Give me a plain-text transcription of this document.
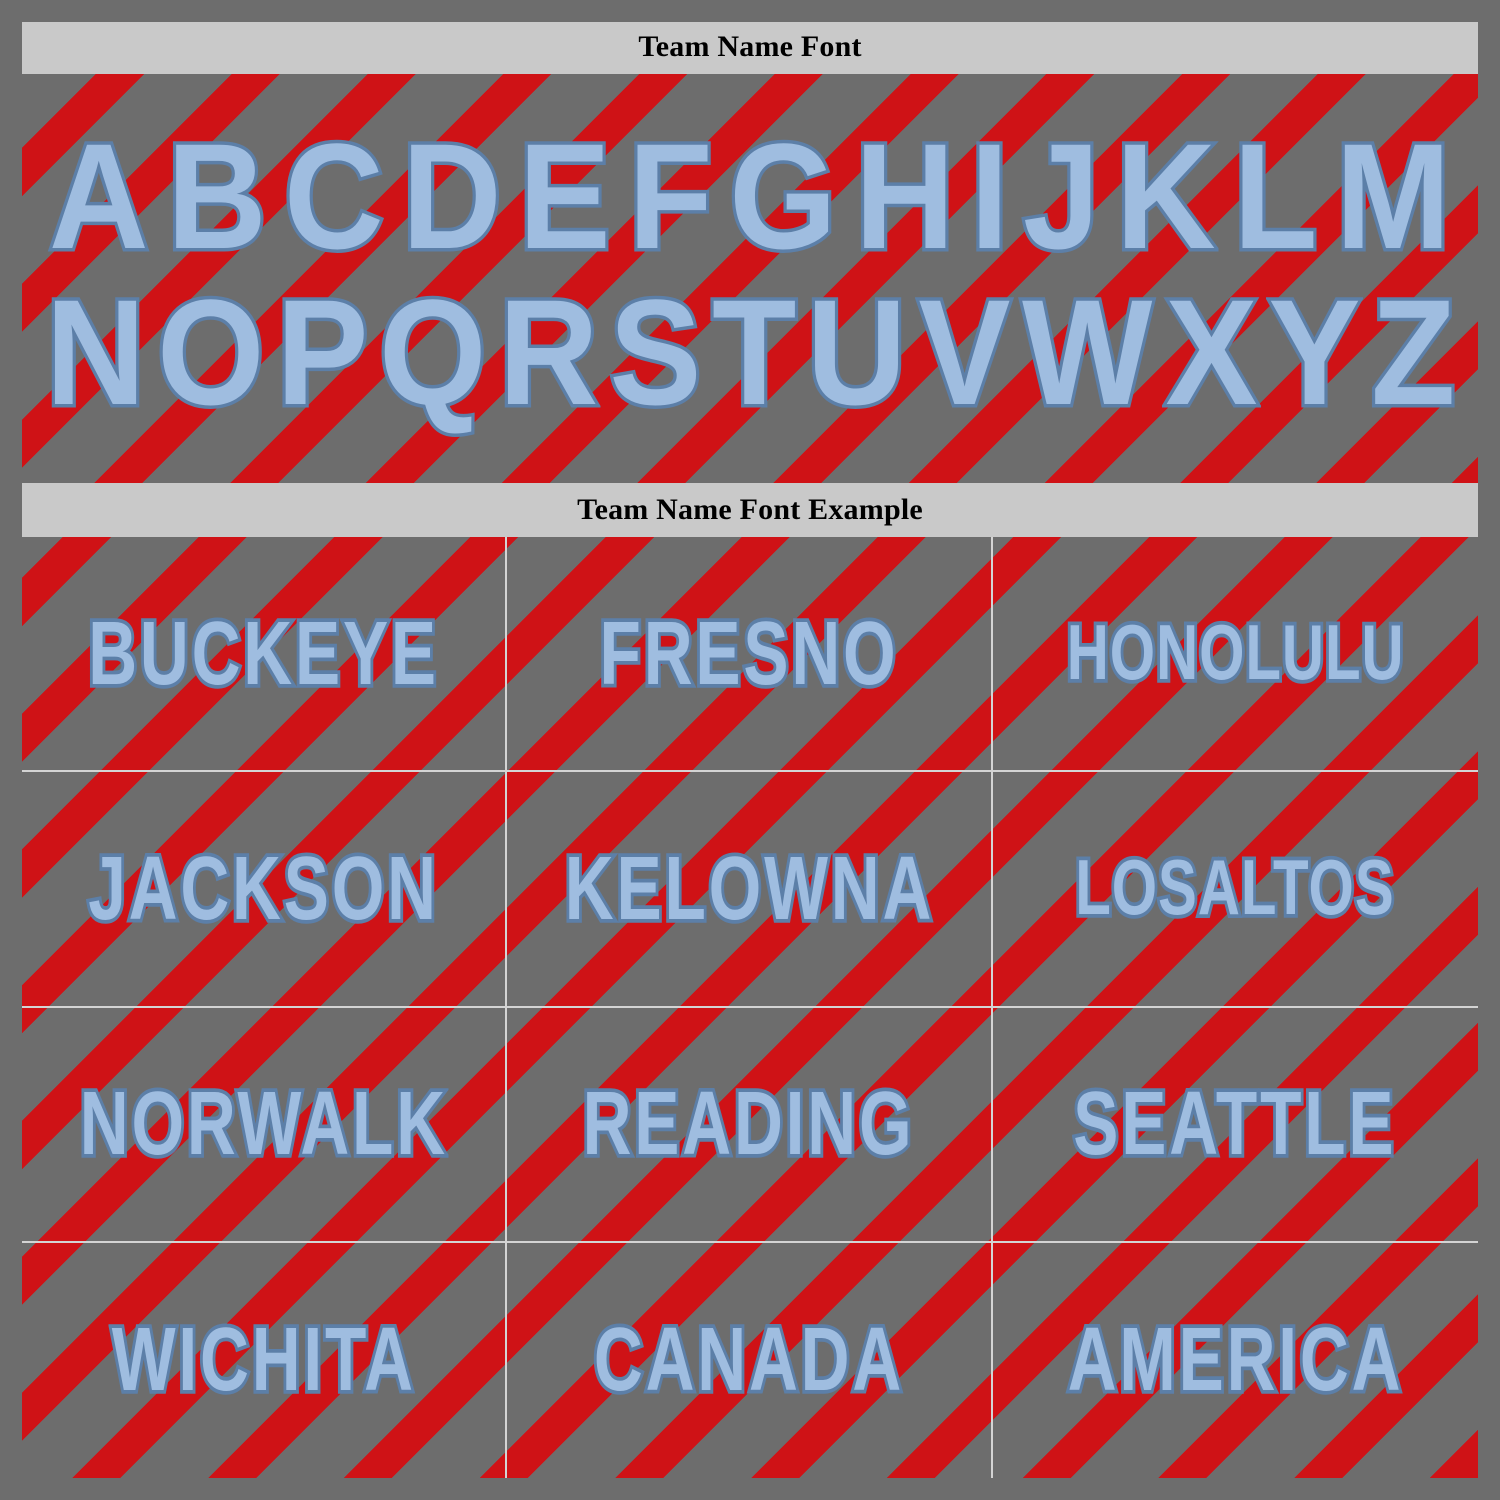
Team Name Font
A B C D E F G H I J K L M
N O P Q R S T U V W X Y Z
Team Name Font Example
BUCKEYE FRESNO	HONOLULU
JACKSON KELOWNA LOSALTOS
NORWALK READING SEATTLE
WICHITA CANADA AMERICA
